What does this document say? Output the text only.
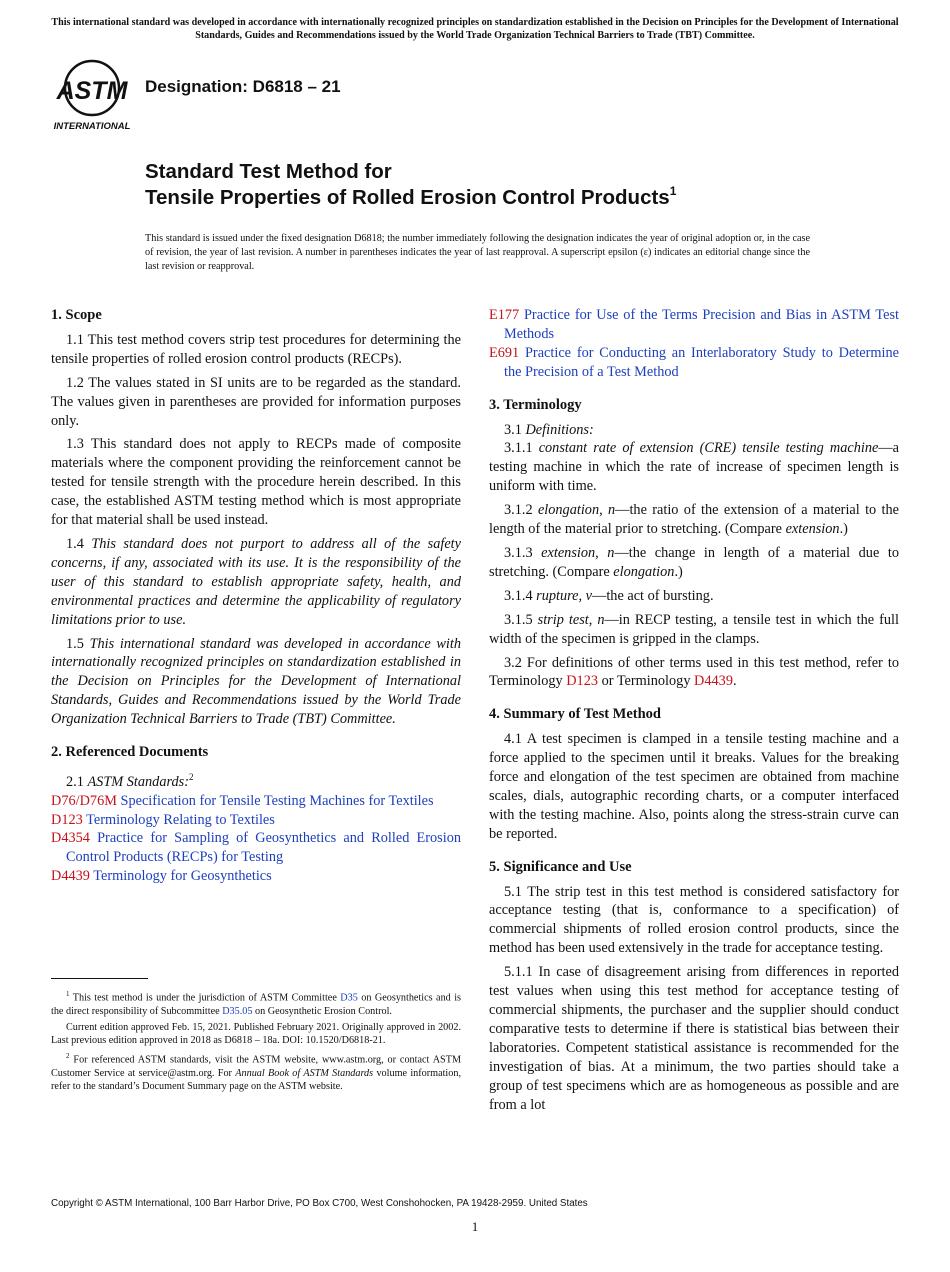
This international standard was developed in accordance with internationally recognized principles on standardization established in the Decision on Principles for the Development of International Standards, Guides and Recommendations issued by the World Trade Organization Technical Barriers to Trade (TBT) Committee.
ASTM
INTERNATIONAL
Designation: D6818 – 21
Standard Test Method for
Tensile Properties of Rolled Erosion Control Products$^1$
This standard is issued under the fixed designation D6818; the number immediately following the designation indicates the year of original adoption or, in the case of revision, the year of last revision. A number in parentheses indicates the year of last reapproval. A superscript epsilon (ε) indicates an editorial change since the last revision or reapproval.
1. Scope

1.1 This test method covers strip test procedures for determining the tensile properties of rolled erosion control products (RECPs).

1.2 The values stated in SI units are to be regarded as the standard. The values given in parentheses are provided for information purposes only.

1.3 This standard does not apply to RECPs made of composite materials where the component providing the reinforcement cannot be tested for tensile strength with the procedure herein described. In this case, the established ASTM testing method which is most appropriate for that material shall be used instead.

1.4 This standard does not purport to address all of the safety concerns, if any, associated with its use. It is the responsibility of the user of this standard to establish appropriate safety, health, and environmental practices and determine the applicability of regulatory limitations prior to use.

1.5 This international standard was developed in accordance with internationally recognized principles on standardization established in the Decision on Principles for the Development of International Standards, Guides and Recommendations issued by the World Trade Organization Technical Barriers to Trade (TBT) Committee.

2. Referenced Documents

2.1 ASTM Standards:$^2$

D76/D76M Specification for Tensile Testing Machines for Textiles
D123 Terminology Relating to Textiles
D4354 Practice for Sampling of Geosynthetics and Rolled Erosion Control Products (RECPs) for Testing
D4439 Terminology for Geosynthetics

$^1$ This test method is under the jurisdiction of ASTM Committee D35 on Geosynthetics and is the direct responsibility of Subcommittee D35.05 on Geosynthetic Erosion Control.

Current edition approved Feb. 15, 2021. Published February 2021. Originally approved in 2002. Last previous edition approved in 2018 as D6818 – 18a. DOI: 10.1520/D6818-21.

$^2$ For referenced ASTM standards, visit the ASTM website, www.astm.org, or contact ASTM Customer Service at service@astm.org. For Annual Book of ASTM Standards volume information, refer to the standard’s Document Summary page on the ASTM website.

E177 Practice for Use of the Terms Precision and Bias in ASTM Test Methods
E691 Practice for Conducting an Interlaboratory Study to Determine the Precision of a Test Method
3. Terminology

3.1 Definitions:

3.1.1 constant rate of extension (CRE) tensile testing machine—a testing machine in which the rate of increase of specimen length is uniform with time.

3.1.2 elongation, n—the ratio of the extension of a material to the length of the material prior to stretching. (Compare extension.)

3.1.3 extension, n—the change in length of a material due to stretching. (Compare elongation.)

3.1.4 rupture, v—the act of bursting.

3.1.5 strip test, n—in RECP testing, a tensile test in which the full width of the specimen is gripped in the clamps.

3.2 For definitions of other terms used in this test method, refer to Terminology D123 or Terminology D4439.

4. Summary of Test Method

4.1 A test specimen is clamped in a tensile testing machine and a force applied to the specimen until it breaks. Values for the breaking force and elongation of the test specimen are obtained from machine scales, dials, autographic recording charts, or a computer interfaced with the testing machine. Also, points along the stress-strain curve can be reported.

5. Significance and Use

5.1 The strip test in this test method is considered satisfactory for acceptance testing (that is, conformance to a specification) of commercial shipments of rolled erosion control products, since the method has been used extensively in the trade for acceptance testing.

5.1.1 In case of disagreement arising from differences in reported test values when using this test method for acceptance testing of commercial shipments, the purchaser and the supplier should conduct comparative tests to determine if there is statistical bias between their laboratories. Competent statistical assistance is recommended for the investigation of bias. At a minimum, the two parties should take a group of test specimens which are as homogeneous as possible and are from a lot

Copyright © ASTM International, 100 Barr Harbor Drive, PO Box C700, West Conshohocken, PA 19428-2959. United States
1
